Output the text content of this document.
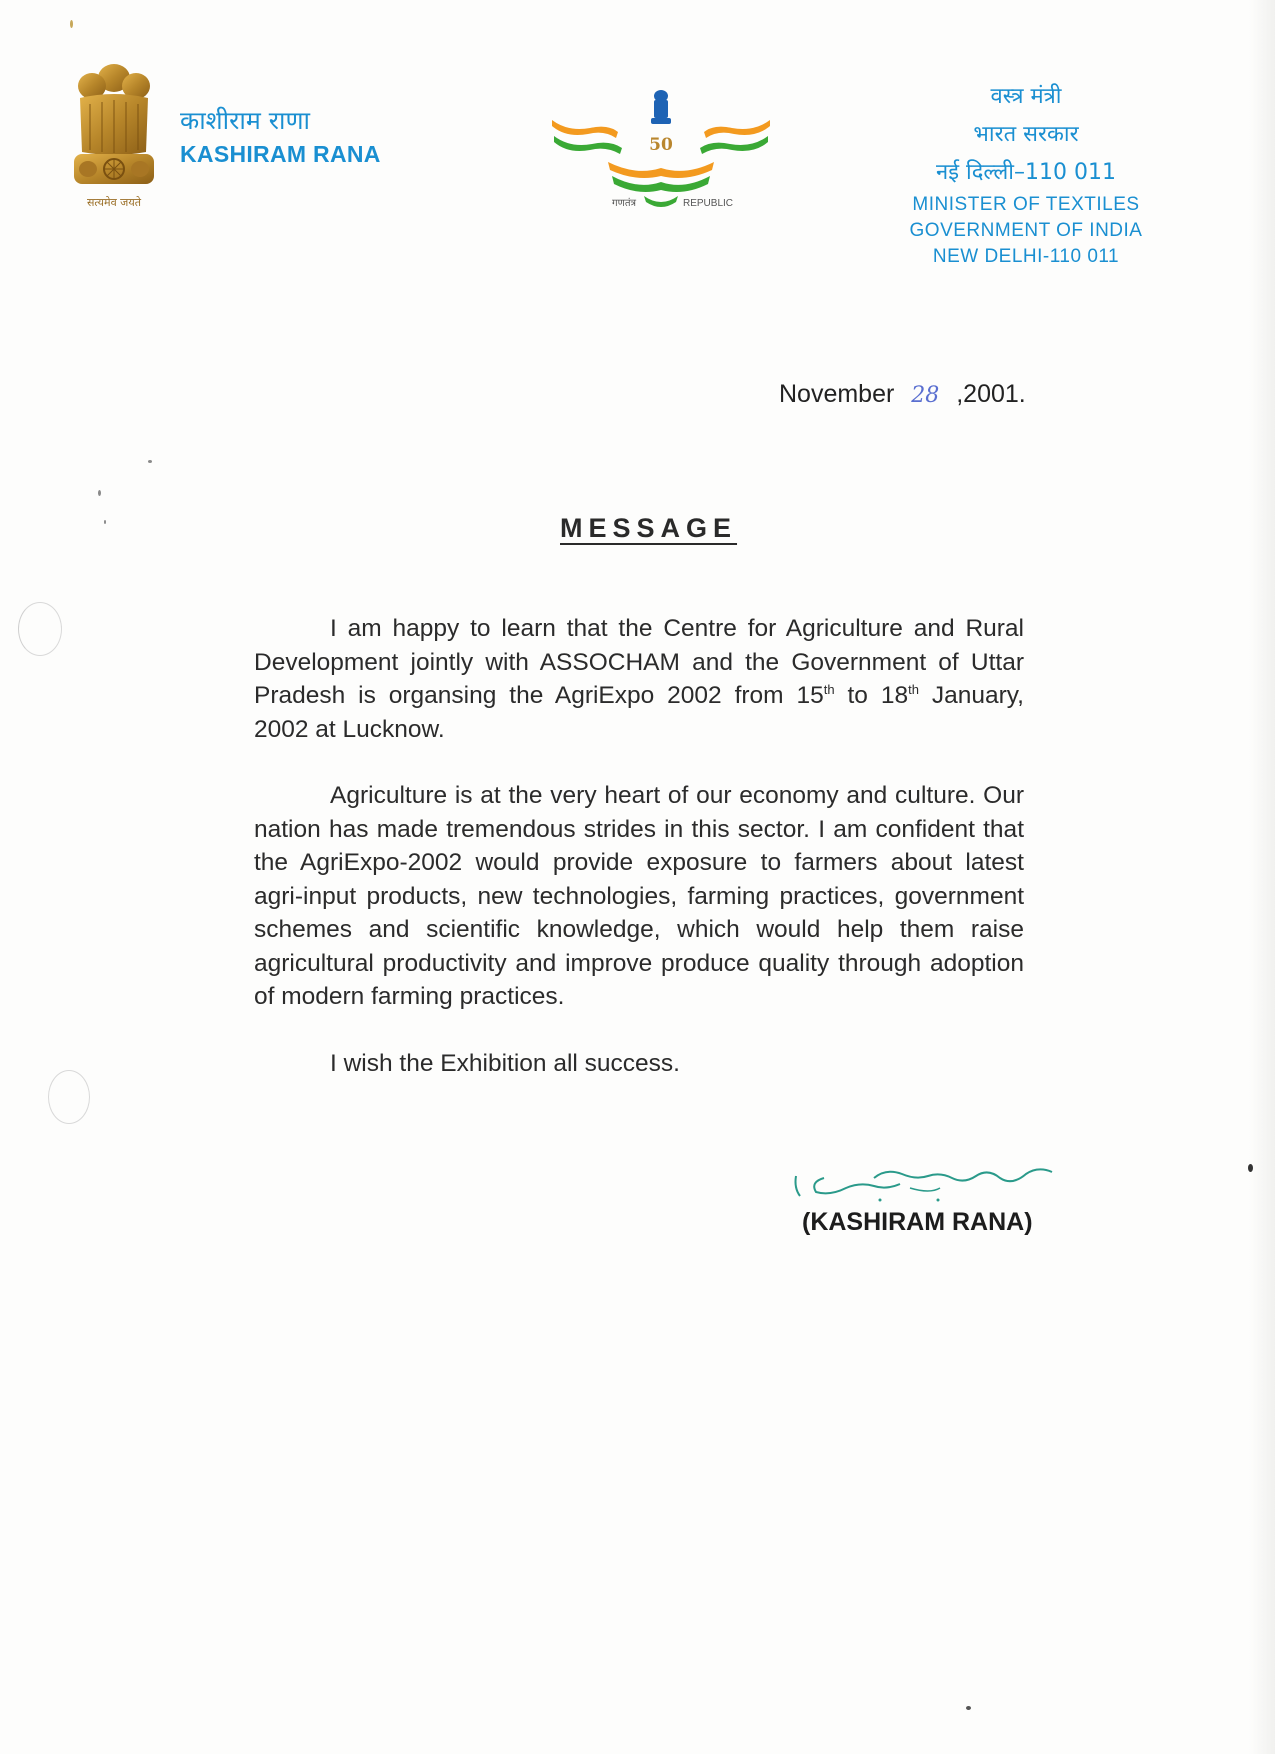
सत्यमेव जयते
काशीराम राणा
KASHIRAM RANA	50
गणतंत्र	REPUBLIC
वस्त्र मंत्री
भारत सरकार
नई दिल्ली–110 011
MINISTER OF TEXTILES
GOVERNMENT OF INDIA
NEW DELHI-110 011
November 28 ,2001.
MESSAGE

I am happy to learn that the Centre for Agriculture and Rural Development jointly with ASSOCHAM and the Government of Uttar Pradesh is organsing the AgriExpo 2002 from 15th to 18th January, 2002 at Lucknow.

Agriculture is at the very heart of our economy and culture. Our nation has made tremendous strides in this sector. I am confident that the AgriExpo-2002 would provide exposure to farmers about latest agri-input products, new technologies, farming practices, government schemes and scientific knowledge, which would help them raise agricultural productivity and improve produce quality through adoption of modern farming practices.

I wish the Exhibition all success.

(KASHIRAM RANA)
